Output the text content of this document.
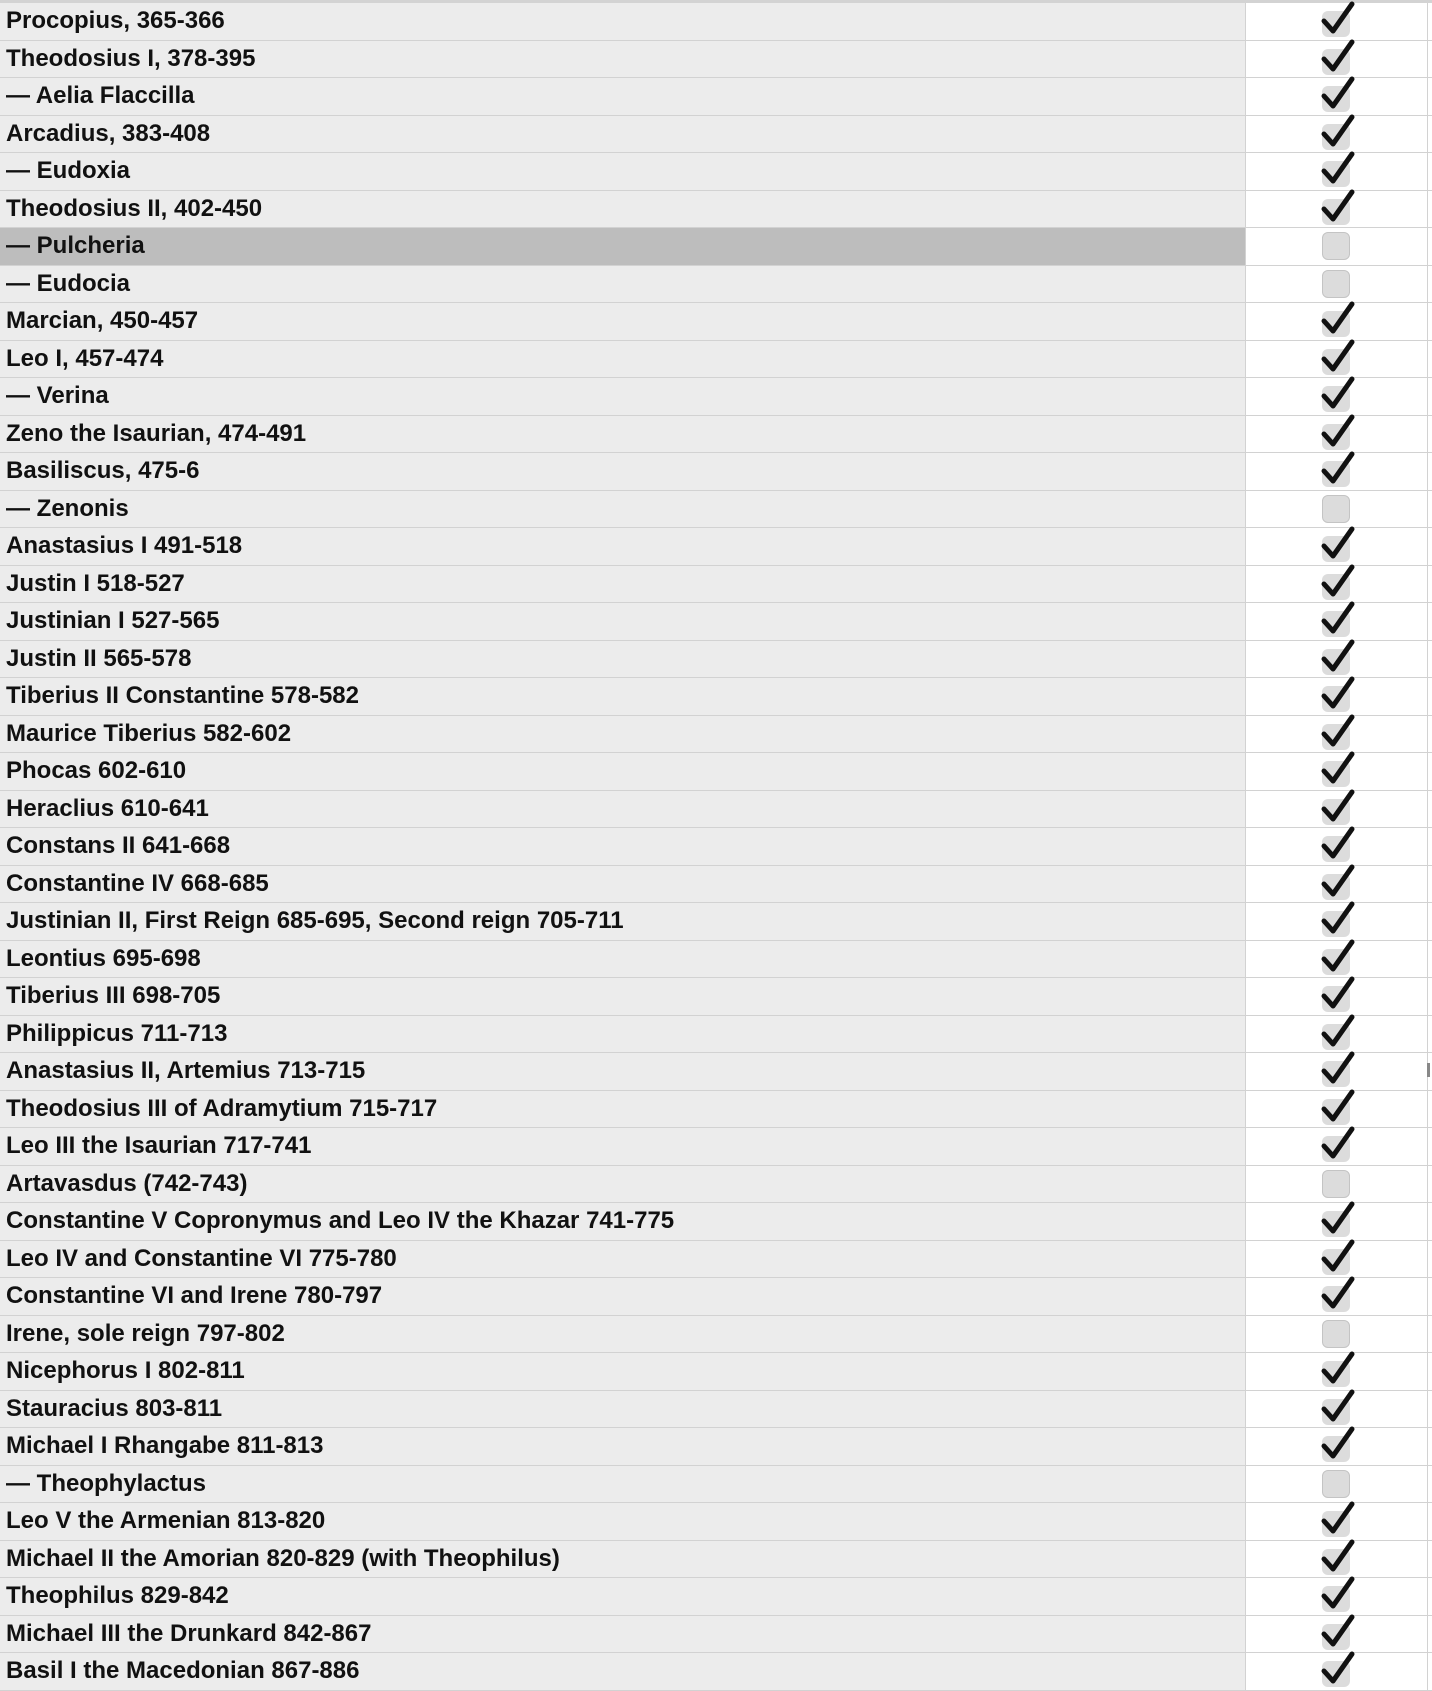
Procopius, 365-366
Theodosius I, 378-395
— Aelia Flaccilla
Arcadius, 383-408
— Eudoxia
Theodosius II, 402-450
— Pulcheria
— Eudocia
Marcian, 450-457
Leo I, 457-474
— Verina
Zeno the Isaurian, 474-491
Basiliscus, 475-6
— Zenonis
Anastasius I 491-518
Justin I 518-527
Justinian I 527-565
Justin II 565-578
Tiberius II Constantine 578-582
Maurice Tiberius 582-602
Phocas 602-610
Heraclius 610-641
Constans II 641-668
Constantine IV 668-685
Justinian II, First Reign 685-695, Second reign 705-711
Leontius 695-698
Tiberius III 698-705
Philippicus 711-713
Anastasius II, Artemius 713-715
Theodosius III of Adramytium 715-717
Leo III the Isaurian 717-741
Artavasdus (742-743)
Constantine V Copronymus and Leo IV the Khazar 741-775
Leo IV and Constantine VI 775-780
Constantine VI and Irene 780-797
Irene, sole reign 797-802
Nicephorus I 802-811
Stauracius 803-811
Michael I Rhangabe 811-813
— Theophylactus
Leo V the Armenian 813-820
Michael II the Amorian 820-829 (with Theophilus)
Theophilus 829-842
Michael III the Drunkard 842-867
Basil I the Macedonian 867-886
